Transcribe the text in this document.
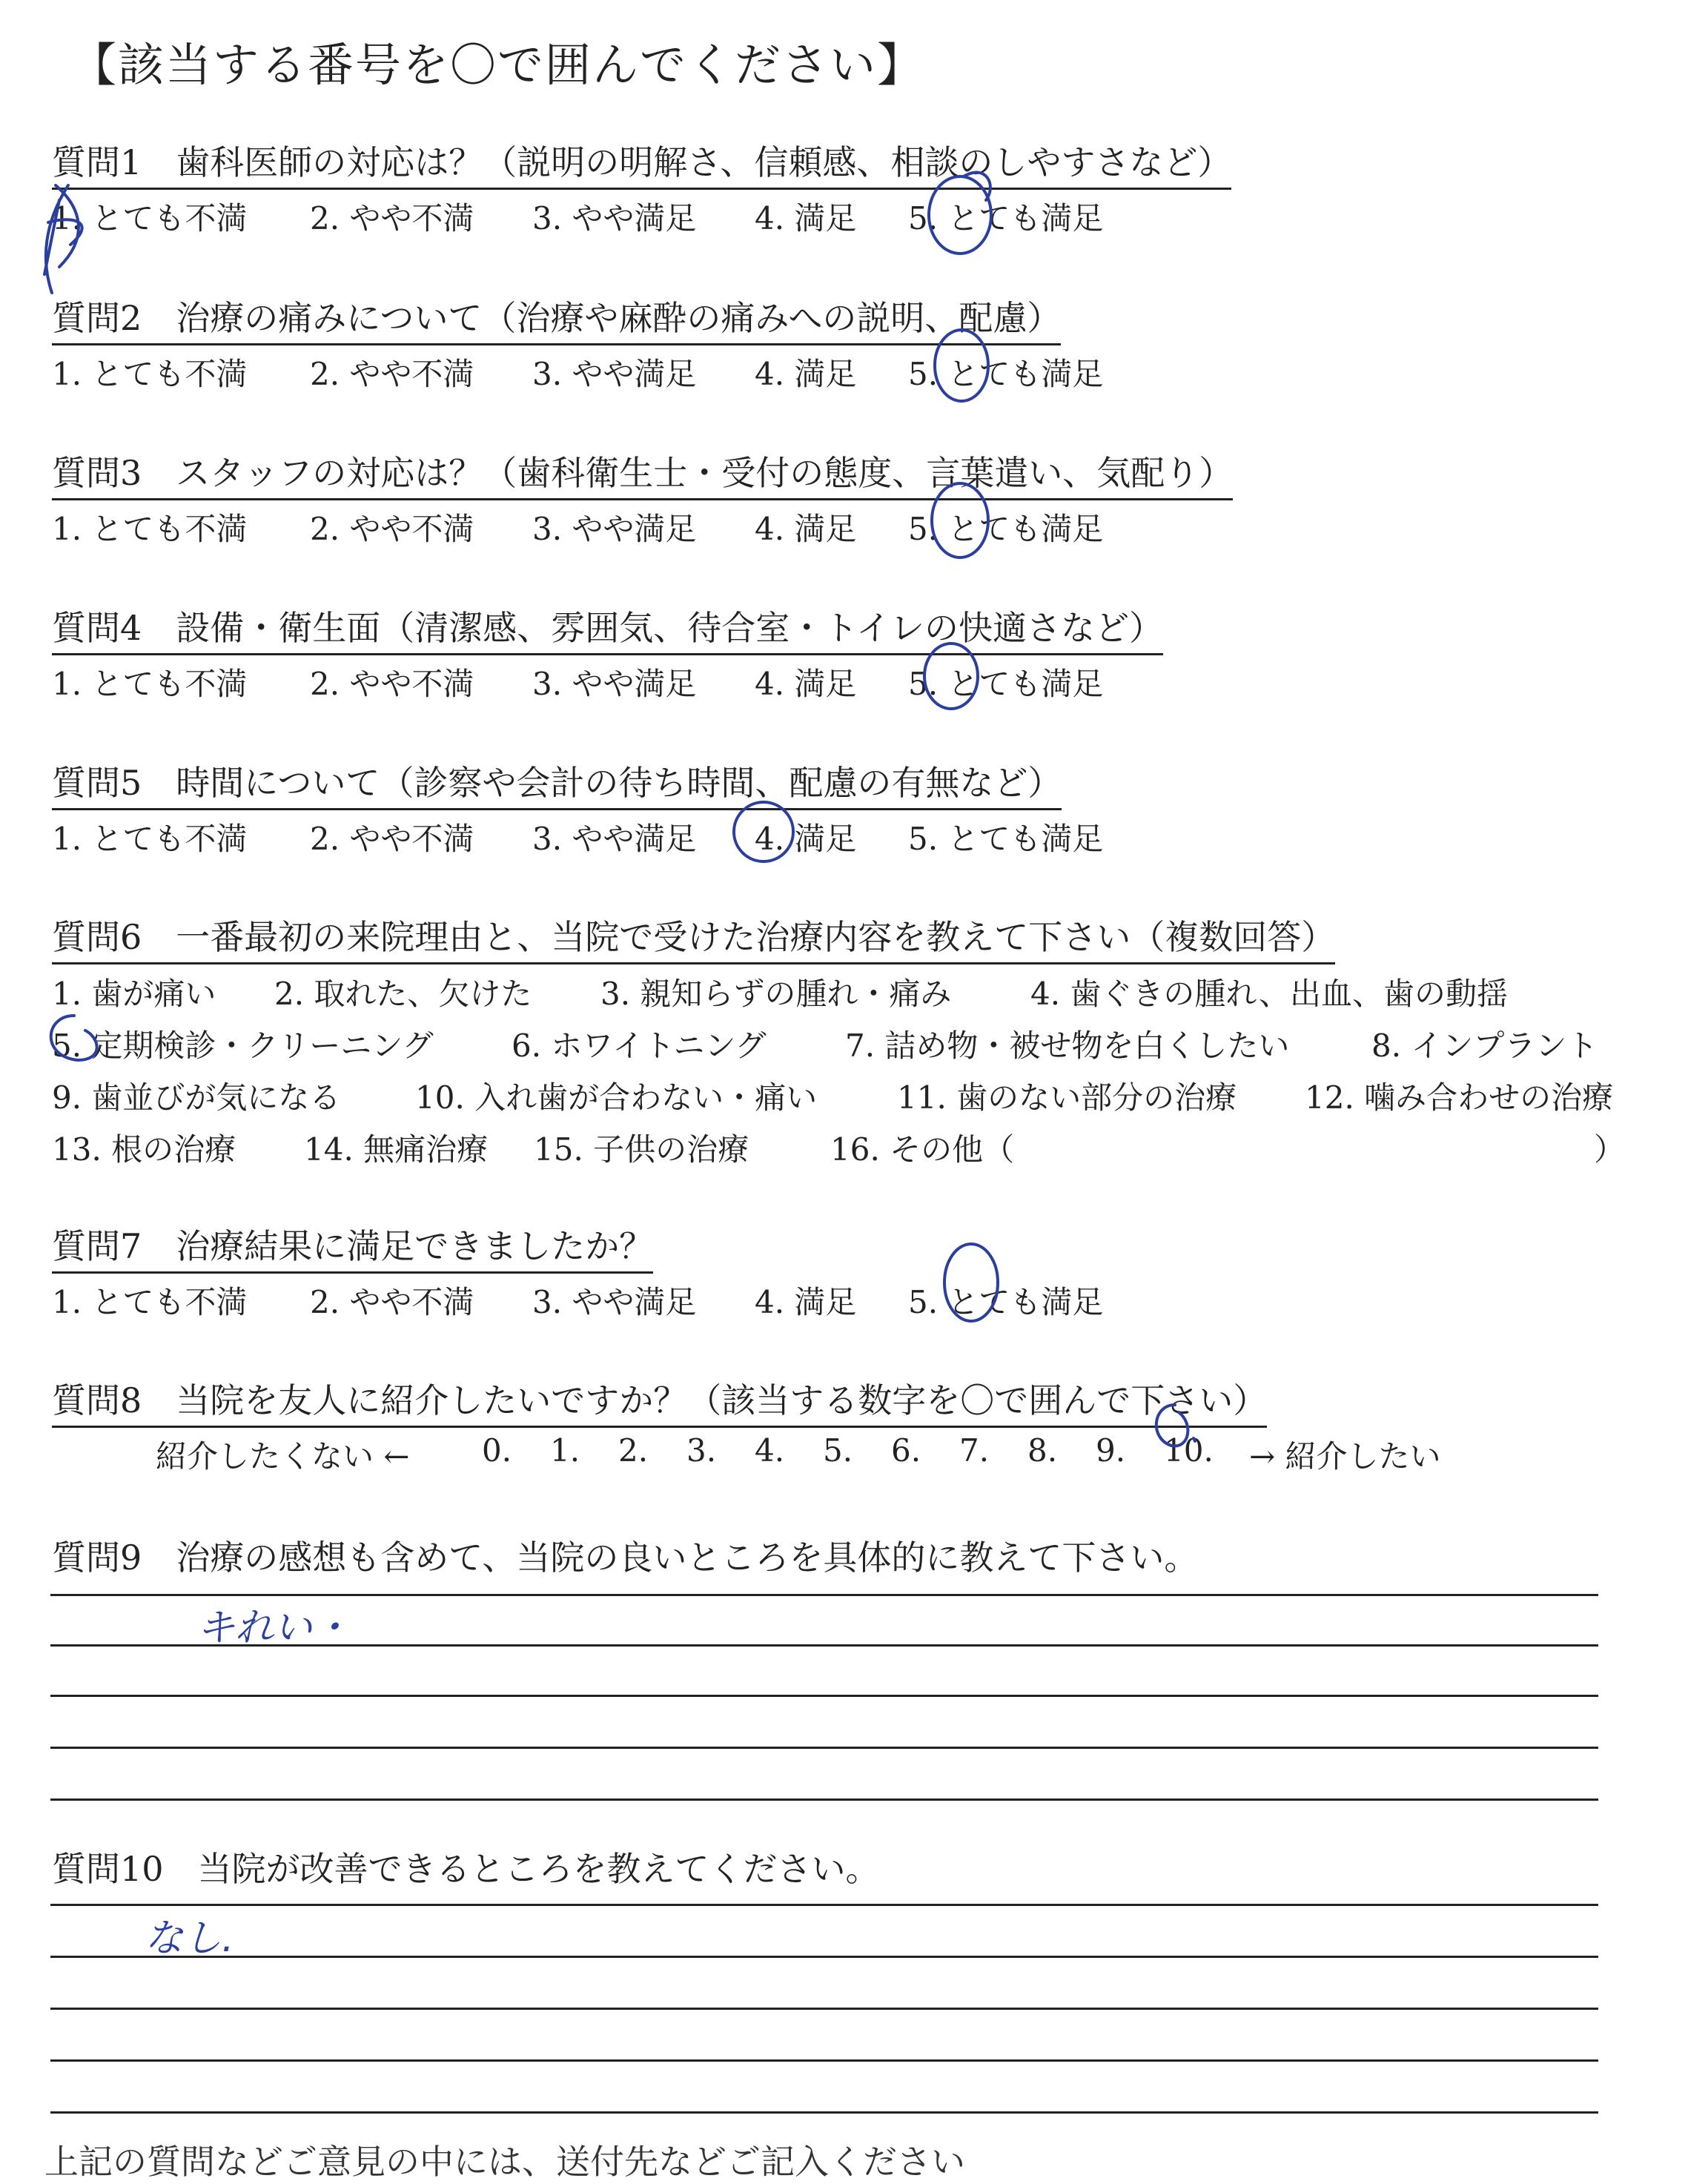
【該当する番号を〇で囲んでください】
質問1　歯科医師の対応は？（説明の明解さ、信頼感、相談のしやすさなど）
1. とても不満 2. やや不満 3. やや満足 4. 満足 5. とても満足
質問2　治療の痛みについて（治療や麻酔の痛みへの説明、配慮）
1. とても不満 2. やや不満 3. やや満足 4. 満足 5. とても満足
質問3　スタッフの対応は？（歯科衛生士・受付の態度、言葉遣い、気配り）
1. とても不満 2. やや不満 3. やや満足 4. 満足 5. とても満足
質問4　設備・衛生面（清潔感、雰囲気、待合室・トイレの快適さなど）
1. とても不満 2. やや不満 3. やや満足 4. 満足 5. とても満足
質問5　時間について（診察や会計の待ち時間、配慮の有無など）
1. とても不満 2. やや不満 3. やや満足 4. 満足 5. とても満足
質問6　一番最初の来院理由と、当院で受けた治療内容を教えて下さい（複数回答）
1. 歯が痛い 2. 取れた、欠けた 3. 親知らずの腫れ・痛み	4. 歯ぐきの腫れ、出血、歯の動揺
5. 定期検診・クリーニング	6. ホワイトニング	7. 詰め物・被せ物を白くしたい	8. インプラント
9. 歯並びが気になる 10. 入れ歯が合わない・痛い	11. 歯のない部分の治療 12. 噛み合わせの治療
13. 根の治療 14. 無痛治療 15. 子供の治療	16. その他（	）
質問7　治療結果に満足できましたか？
1. とても不満 2. やや不満 3. やや満足 4. 満足 5. とても満足
質問8　当院を友人に紹介したいですか？（該当する数字を〇で囲んで下さい）
紹介したくない ← 0. 1. 2. 3. 4. 5. 6. 7. 8. 9. 10. → 紹介したい
質問9　治療の感想も含めて、当院の良いところを具体的に教えて下さい。
キれい・
質問10　当院が改善できるところを教えてください。
なし.
上記の質問などご意見の中には、送付先などご記入ください
